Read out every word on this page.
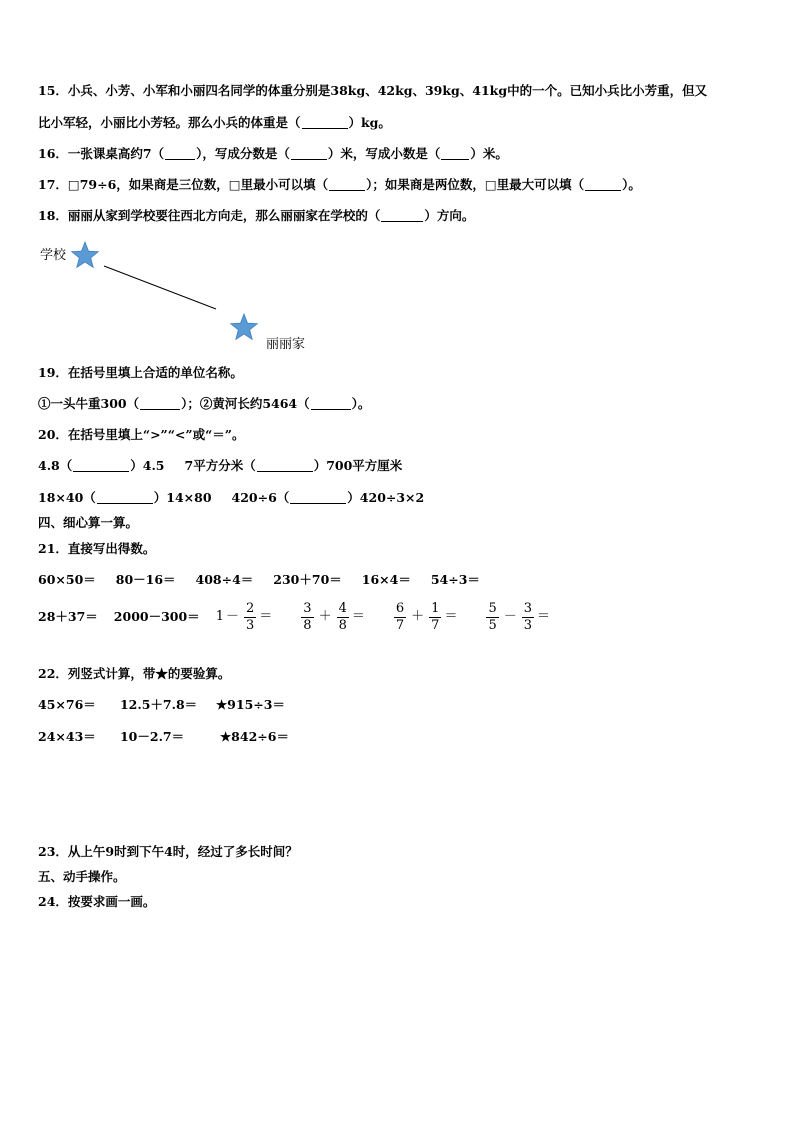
15．小兵、小芳、小军和小丽四名同学的体重分别是38kg、42kg、39kg、41kg中的一个。已知小兵比小芳重，但又
比小军轻，小丽比小芳轻。那么小兵的体重是（	）kg。
16．一张课桌高约7（	），写成分数是（	）米，写成小数是（ ）米。
17．□79÷6，如果商是三位数，□里最小可以填（	）；如果商是两位数，□里最大可以填（	）。
18．丽丽从家到学校要往西北方向走，那么丽丽家在学校的（	）方向。
学校
丽丽家
19．在括号里填上合适的单位名称。
①一头牛重300（	）；②黄河长约5464（	）。
20．在括号里填上“>”“<”或“＝”。
4.8（	）4.5 7平方分米（	）700平方厘米
18×40（	）14×80 420÷6（	）420÷3×2
四、细心算一算。
21．直接写出得数。
60×50＝ 80－16＝ 408÷4＝ 230＋70＝ 16×4＝ 54÷3＝
$28+37= 2000-300= 1 - \frac{2}{3} = \frac{3}{8} + \frac{4}{8} = \frac{6}{7} + \frac{1}{7} = \frac{5}{5} - \frac{3}{3}$ ＝
22．列竖式计算，带★的要验算。
45×76＝ 12.5＋7.8＝ ★915÷3＝
24×43＝ 10－2.7＝	★842÷6＝
23．从上午9时到下午4时，经过了多长时间？
五、动手操作。
24．按要求画一画。
